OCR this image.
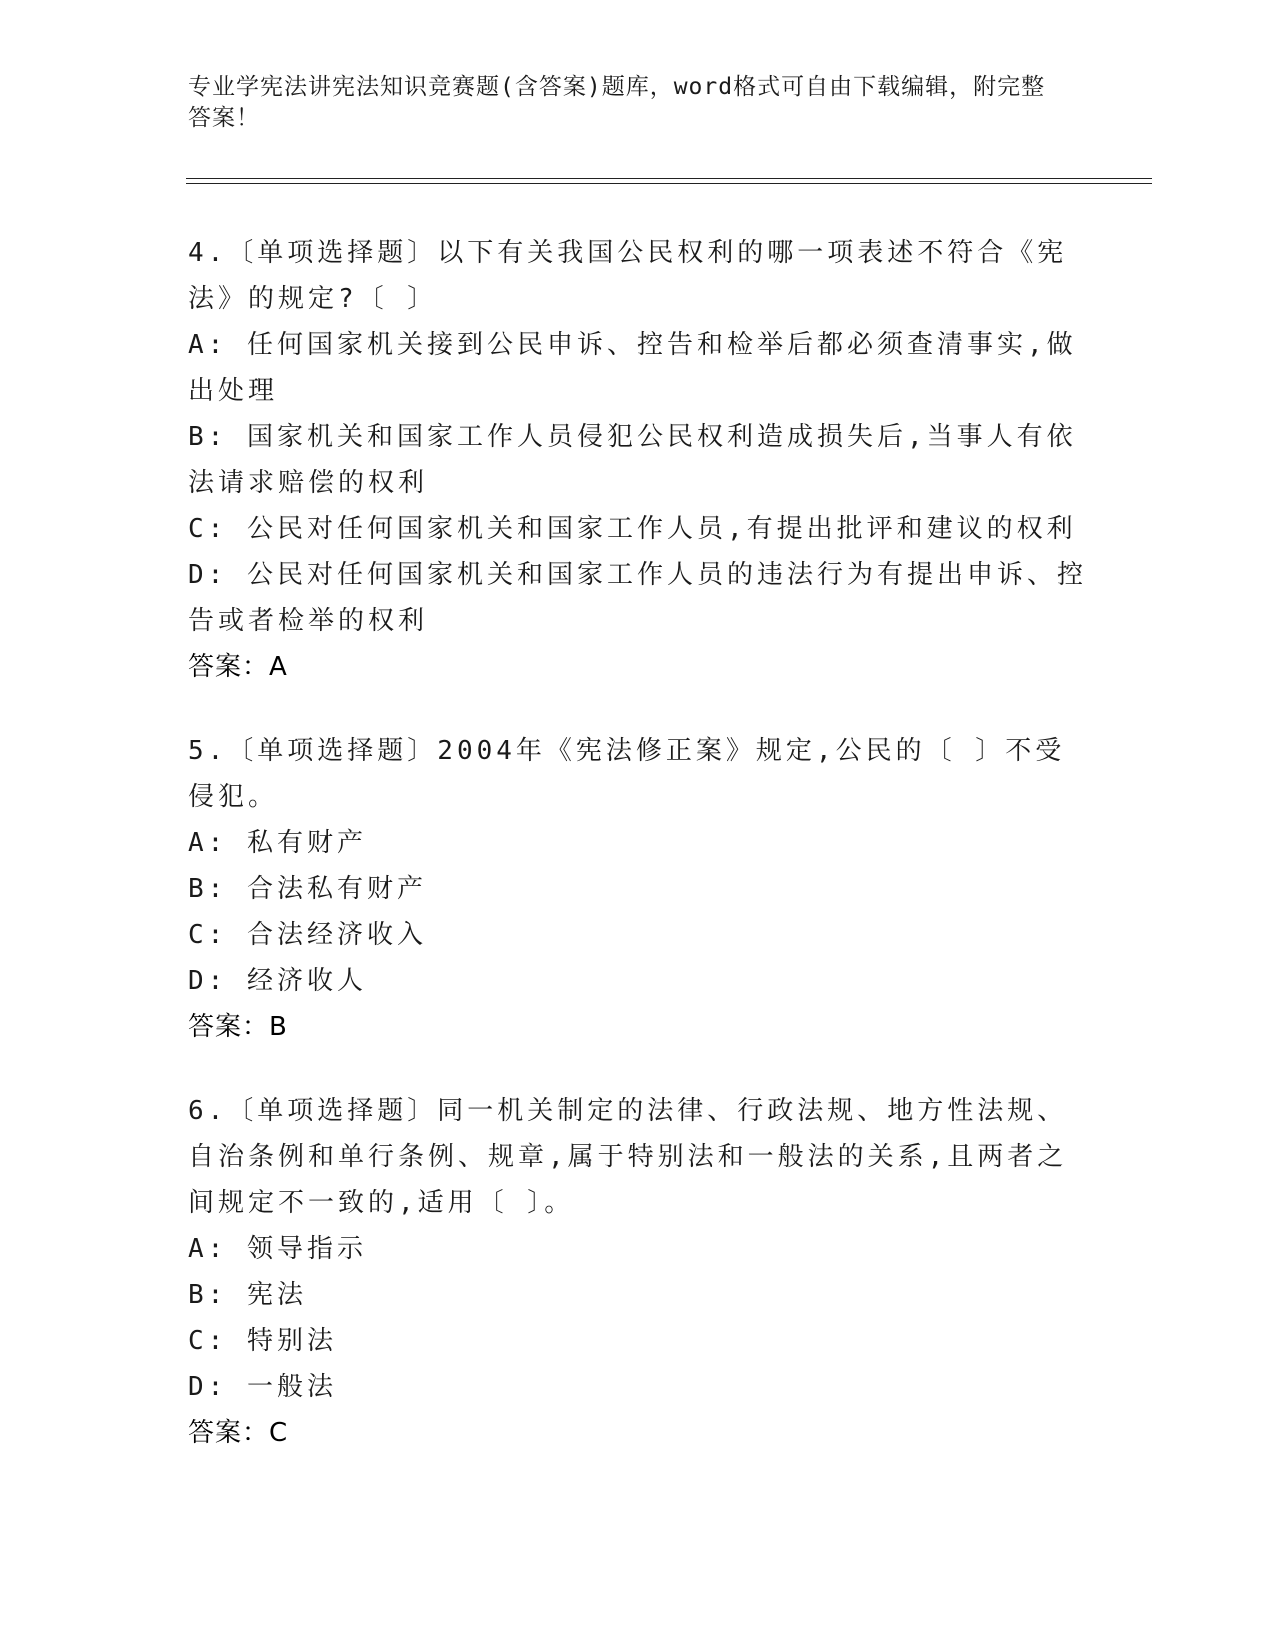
专业学宪法讲宪法知识竞赛题(含答案)题库，word格式可自由下载编辑，附完整答案！
4.〔单项选择题〕以下有关我国公民权利的哪一项表述不符合《宪法》的规定?〔 〕
A: 任何国家机关接到公民申诉、控告和检举后都必须查清事实,做出处理
B: 国家机关和国家工作人员侵犯公民权利造成损失后,当事人有依法请求赔偿的权利
C: 公民对任何国家机关和国家工作人员,有提出批评和建议的权利
D: 公民对任何国家机关和国家工作人员的违法行为有提出申诉、控告或者检举的权利
答案：A
5.〔单项选择题〕2004年《宪法修正案》规定,公民的〔 〕不受侵犯。
A: 私有财产
B: 合法私有财产
C: 合法经济收入
D: 经济收人
答案：B
6.〔单项选择题〕同一机关制定的法律、行政法规、地方性法规、自治条例和单行条例、规章,属于特别法和一般法的关系,且两者之间规定不一致的,适用〔 〕。
A: 领导指示
B: 宪法
C: 特别法
D: 一般法
答案：C
